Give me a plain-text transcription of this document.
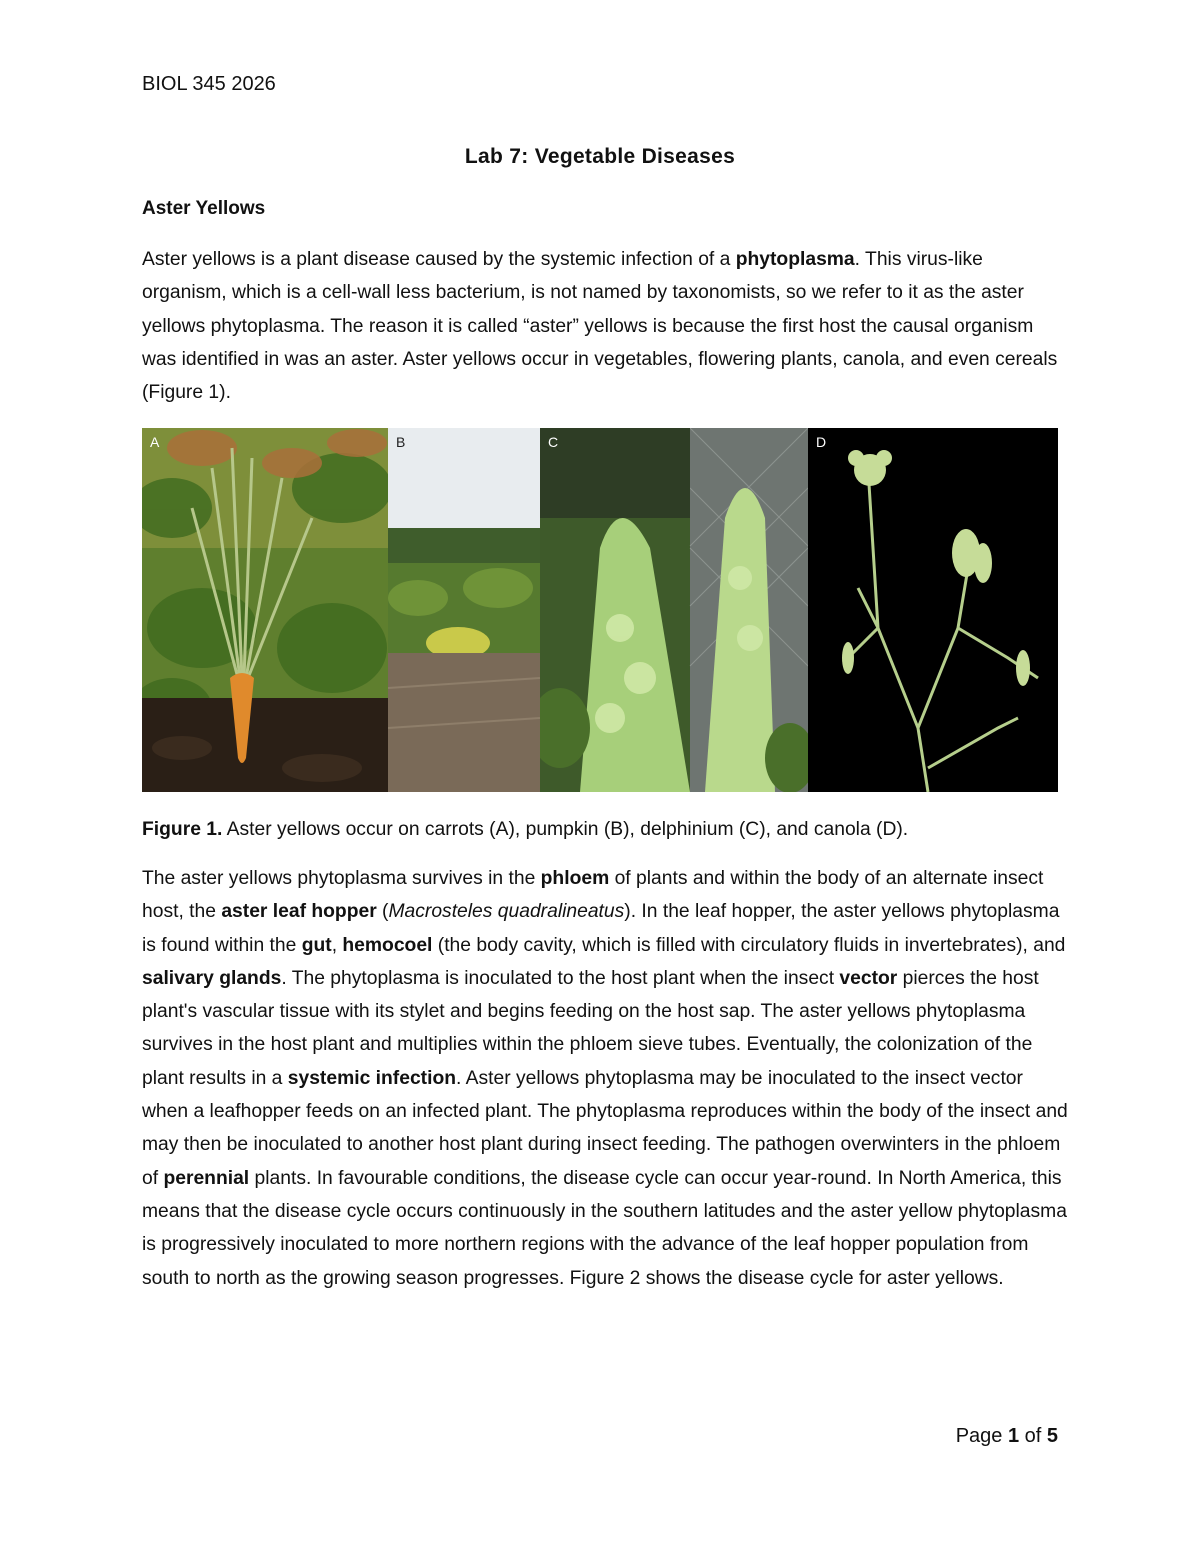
BIOL 345 2026
Lab 7: Vegetable Diseases
Aster Yellows

Aster yellows is a plant disease caused by the systemic infection of a phytoplasma. This virus-like organism, which is a cell-wall less bacterium, is not named by taxonomists, so we refer to it as the aster yellows phytoplasma. The reason it is called “aster” yellows is because the first host the causal organism was identified in was an aster. Aster yellows occur in vegetables, flowering plants, canola, and even cereals (Figure 1).

A	B	C	D

Figure 1. Aster yellows occur on carrots (A), pumpkin (B), delphinium (C), and canola (D).

The aster yellows phytoplasma survives in the phloem of plants and within the body of an alternate insect host, the aster leaf hopper (Macrosteles quadralineatus). In the leaf hopper, the aster yellows phytoplasma is found within the gut, hemocoel (the body cavity, which is filled with circulatory fluids in invertebrates), and salivary glands. The phytoplasma is inoculated to the host plant when the insect vector pierces the host plant's vascular tissue with its stylet and begins feeding on the host sap. The aster yellows phytoplasma survives in the host plant and multiplies within the phloem sieve tubes. Eventually, the colonization of the plant results in a systemic infection. Aster yellows phytoplasma may be inoculated to the insect vector when a leafhopper feeds on an infected plant. The phytoplasma reproduces within the body of the insect and may then be inoculated to another host plant during insect feeding. The pathogen overwinters in the phloem of perennial plants. In favourable conditions, the disease cycle can occur year-round. In North America, this means that the disease cycle occurs continuously in the southern latitudes and the aster yellow phytoplasma is progressively inoculated to more northern regions with the advance of the leaf hopper population from south to north as the growing season progresses. Figure 2 shows the disease cycle for aster yellows.

Page 1 of 5
